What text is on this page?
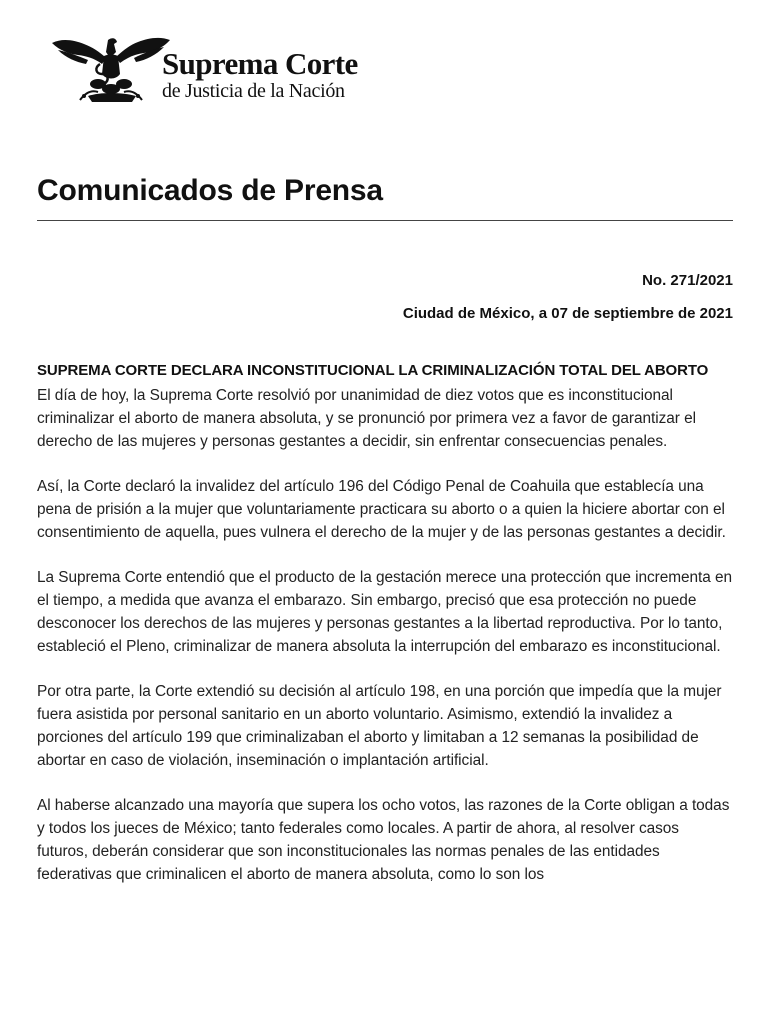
Suprema Corte
de Justicia de la Nación
Comunicados de Prensa
No. 271/2021
Ciudad de México, a 07 de septiembre de 2021

SUPREMA CORTE DECLARA INCONSTITUCIONAL LA CRIMINALIZACIÓN TOTAL DEL ABORTO

El día de hoy, la Suprema Corte resolvió por unanimidad de diez votos que es inconstitucional criminalizar el aborto de manera absoluta, y se pronunció por primera vez a favor de garantizar el derecho de las mujeres y personas gestantes a decidir, sin enfrentar consecuencias penales.

Así, la Corte declaró la invalidez del artículo 196 del Código Penal de Coahuila que establecía una pena de prisión a la mujer que voluntariamente practicara su aborto o a quien la hiciere abortar con el consentimiento de aquella, pues vulnera el derecho de la mujer y de las personas gestantes a decidir.

La Suprema Corte entendió que el producto de la gestación merece una protección que incrementa en el tiempo, a medida que avanza el embarazo. Sin embargo, precisó que esa protección no puede desconocer los derechos de las mujeres y personas gestantes a la libertad reproductiva. Por lo tanto, estableció el Pleno, criminalizar de manera absoluta la interrupción del embarazo es inconstitucional.

Por otra parte, la Corte extendió su decisión al artículo 198, en una porción que impedía que la mujer fuera asistida por personal sanitario en un aborto voluntario. Asimismo, extendió la invalidez a porciones del artículo 199 que criminalizaban el aborto y limitaban a 12 semanas la posibilidad de abortar en caso de violación, inseminación o implantación artificial.

Al haberse alcanzado una mayoría que supera los ocho votos, las razones de la Corte obligan a todas y todos los jueces de México; tanto federales como locales. A partir de ahora, al resolver casos futuros, deberán considerar que son inconstitucionales las normas penales de las entidades federativas que criminalicen el aborto de manera absoluta, como lo son los
